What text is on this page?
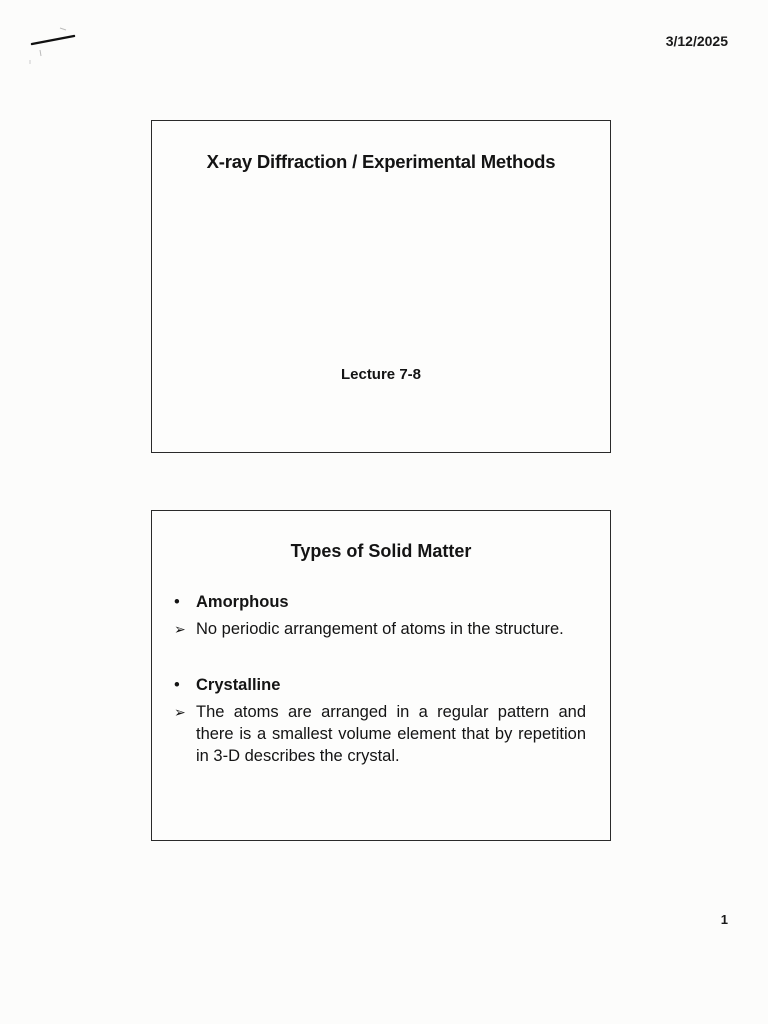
3/12/2025
X-ray Diffraction / Experimental Methods
Lecture 7-8
Types of Solid Matter
• Amorphous
➢ No periodic arrangement of atoms in the structure.
• Crystalline
➢ The atoms are arranged in a regular pattern and there is a smallest volume element that by repetition in 3-D describes the crystal.
1
